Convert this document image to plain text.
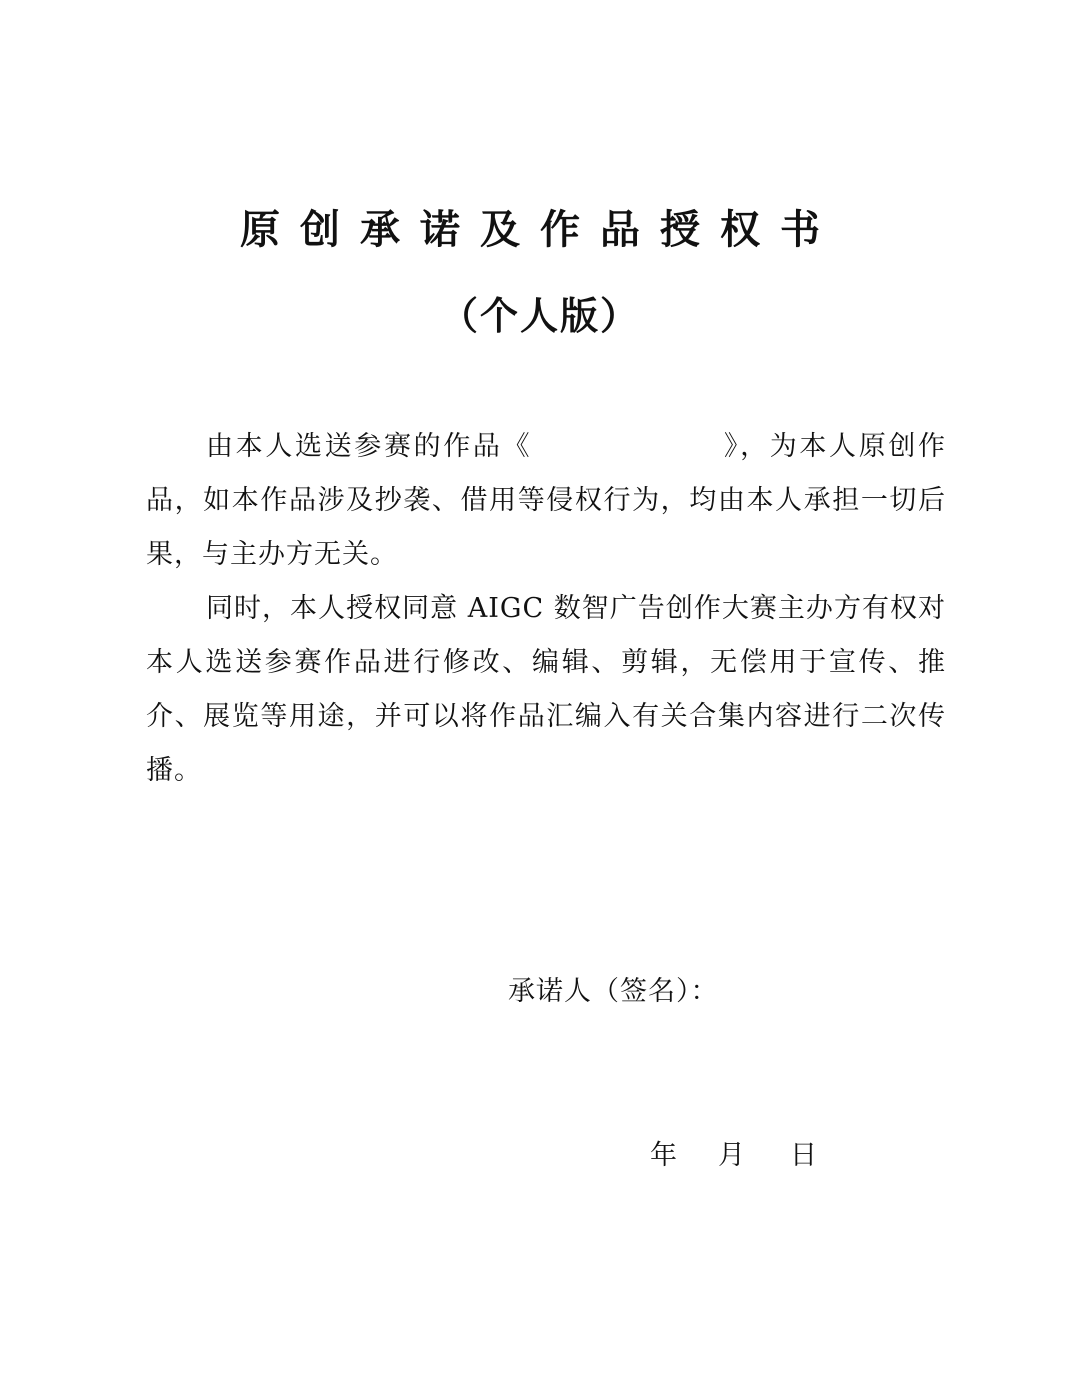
原创承诺及作品授权书
（个人版）

由本人选送参赛的作品《	》，为本人原创作品，如本作品涉及抄袭、借用等侵权行为，均由本人承担一切后果，与主办方无关。

同时，本人授权同意 AIGC 数智广告创作大赛主办方有权对本人选送参赛作品进行修改、编辑、剪辑，无偿用于宣传、推介、展览等用途，并可以将作品汇编入有关合集内容进行二次传播。

承诺人（签名）：
年 月 日
